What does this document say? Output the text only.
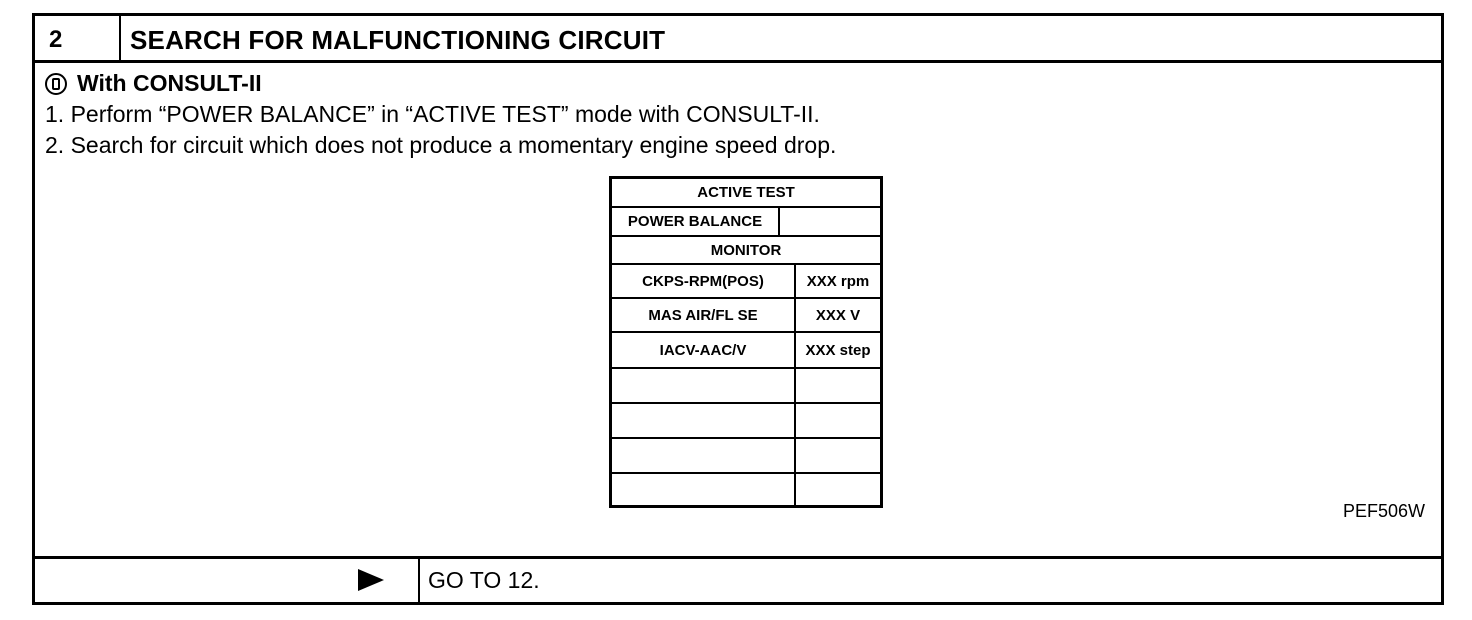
2	SEARCH FOR MALFUNCTIONING CIRCUIT
With CONSULT-II
1. Perform “POWER BALANCE” in “ACTIVE TEST” mode with CONSULT-II.
2. Search for circuit which does not produce a momentary engine speed drop.
ACTIVE TEST
POWER BALANCE
MONITOR
CKPS-RPM(POS)	XXX rpm
MAS AIR/FL SE	XXX V
IACV-AAC/V	XXX step
PEF506W
GO TO 12.
